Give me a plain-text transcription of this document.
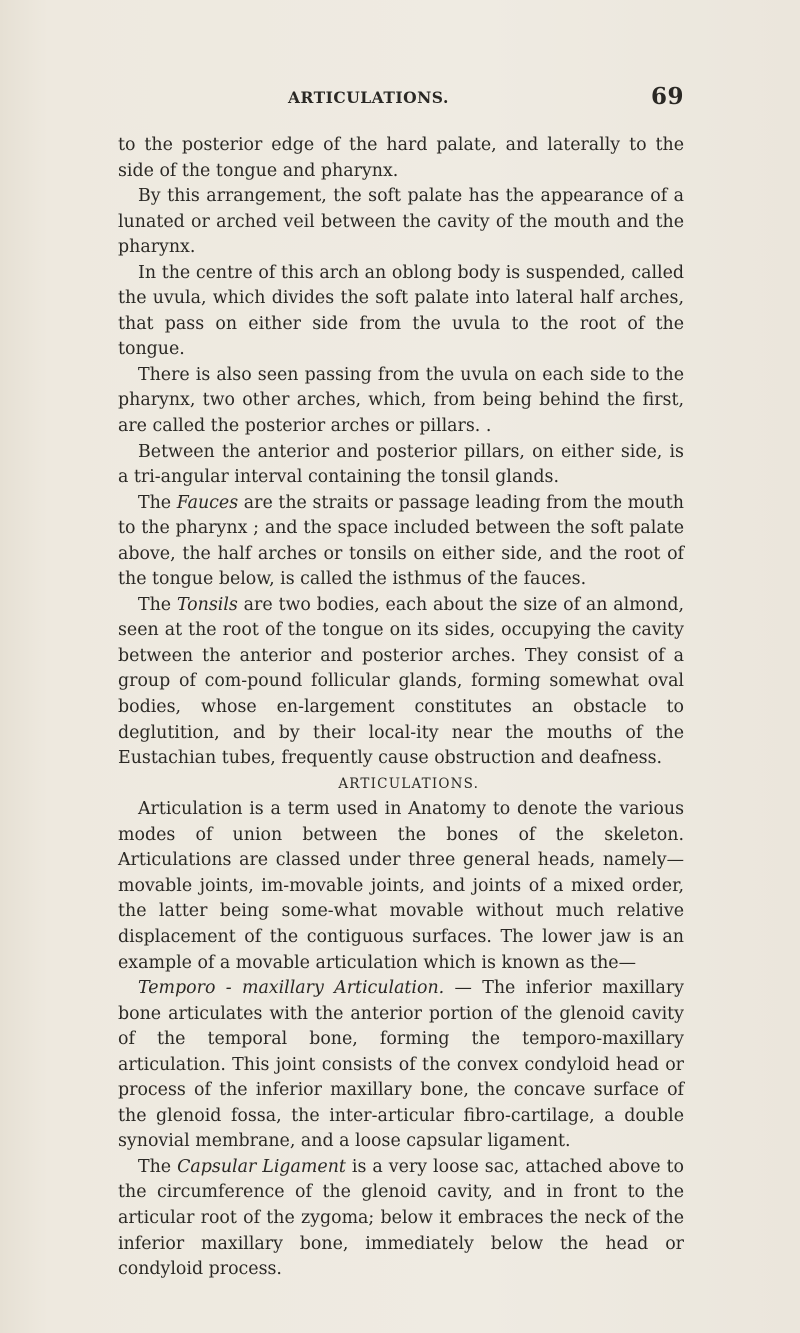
ARTICULATIONS.	69

to the posterior edge of the hard palate, and laterally to the side of the tongue and pharynx.

By this arrangement, the soft palate has the appearance of a lunated or arched veil between the cavity of the mouth and the pharynx.

In the centre of this arch an oblong body is suspended, called the uvula, which divides the soft palate into lateral half arches, that pass on either side from the uvula to the root of the tongue.

There is also seen passing from the uvula on each side to the pharynx, two other arches, which, from being behind the first, are called the posterior arches or pillars. .

Between the anterior and posterior pillars, on either side, is a tri-angular interval containing the tonsil glands.

The Fauces are the straits or passage leading from the mouth to the pharynx ; and the space included between the soft palate above, the half arches or tonsils on either side, and the root of the tongue below, is called the isthmus of the fauces.

The Tonsils are two bodies, each about the size of an almond, seen at the root of the tongue on its sides, occupying the cavity between the anterior and posterior arches. They consist of a group of com-pound follicular glands, forming somewhat oval bodies, whose en-largement constitutes an obstacle to deglutition, and by their local-ity near the mouths of the Eustachian tubes, frequently cause obstruction and deafness.

ARTICULATIONS.

Articulation is a term used in Anatomy to denote the various modes of union between the bones of the skeleton. Articulations are classed under three general heads, namely—movable joints, im-movable joints, and joints of a mixed order, the latter being some-what movable without much relative displacement of the contiguous surfaces. The lower jaw is an example of a movable articulation which is known as the—

Temporo - maxillary Articulation. — The inferior maxillary bone articulates with the anterior portion of the glenoid cavity of the temporal bone, forming the temporo-maxillary articulation. This joint consists of the convex condyloid head or process of the inferior maxillary bone, the concave surface of the glenoid fossa, the inter-articular fibro-cartilage, a double synovial membrane, and a loose capsular ligament.

The Capsular Ligament is a very loose sac, attached above to the circumference of the glenoid cavity, and in front to the articular root of the zygoma; below it embraces the neck of the inferior maxillary bone, immediately below the head or condyloid process.
